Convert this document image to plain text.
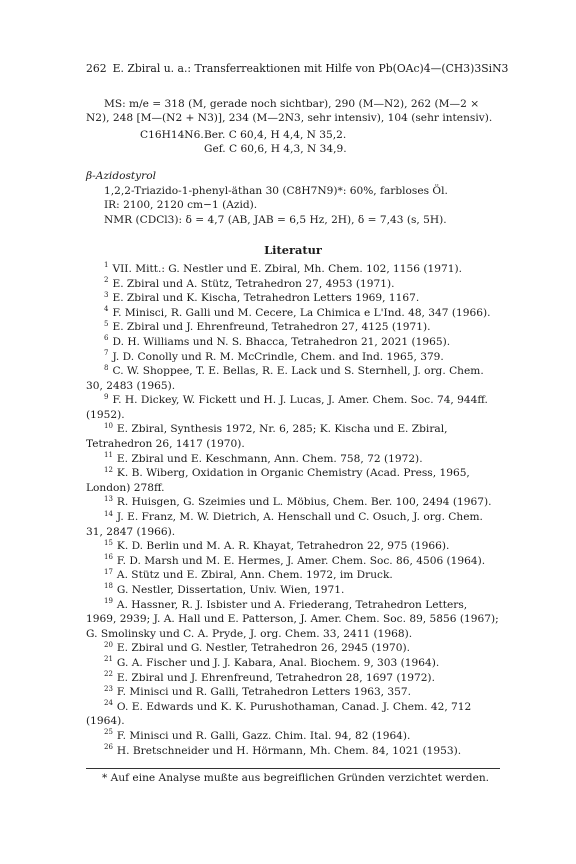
262 E. Zbiral u. a.: Transferreaktionen mit Hilfe von Pb(OAc)4—(CH3)3SiN3

MS: m/e = 318 (M, gerade noch sichtbar), 290 (M—N2), 262 (M—2 × N2), 248 [M—(N2 + N3)], 234 (M—2N3, sehr intensiv), 104 (sehr intensiv).

C16H14N6. Ber. C 60,4, H 4,4, N 35,2.
Gef. C 60,6, H 4,3, N 34,9.

β-Azidostyrol

1,2,2-Triazido-1-phenyl-äthan 30 (C8H7N9)*: 60%, farbloses Öl.

IR: 2100, 2120 cm−1 (Azid).

NMR (CDCl3): δ = 4,7 (AB, JAB = 6,5 Hz, 2H), δ = 7,43 (s, 5H).

Literatur

$^1$ VII. Mitt.: G. Nestler und E. Zbiral, Mh. Chem. 102, 1156 (1971).

$^2$ E. Zbiral und A. Stütz, Tetrahedron 27, 4953 (1971).

$^3$ E. Zbiral und K. Kischa, Tetrahedron Letters 1969, 1167.

$^4$ F. Minisci, R. Galli und M. Cecere, La Chimica e L'Ind. 48, 347 (1966).

$^5$ E. Zbiral und J. Ehrenfreund, Tetrahedron 27, 4125 (1971).

$^6$ D. H. Williams und N. S. Bhacca, Tetrahedron 21, 2021 (1965).

$^7$ J. D. Conolly und R. M. McCrindle, Chem. and Ind. 1965, 379.

$^8$ C. W. Shoppee, T. E. Bellas, R. E. Lack und S. Sternhell, J. org. Chem. 30, 2483 (1965).

$^9$ F. H. Dickey, W. Fickett und H. J. Lucas, J. Amer. Chem. Soc. 74, 944ff. (1952).

$^{10}$ E. Zbiral, Synthesis 1972, Nr. 6, 285; K. Kischa und E. Zbiral, Tetrahedron 26, 1417 (1970).

$^{11}$ E. Zbiral und E. Keschmann, Ann. Chem. 758, 72 (1972).

$^{12}$ K. B. Wiberg, Oxidation in Organic Chemistry (Acad. Press, 1965, London) 278ff.

$^{13}$ R. Huisgen, G. Szeimies und L. Möbius, Chem. Ber. 100, 2494 (1967).

$^{14}$ J. E. Franz, M. W. Dietrich, A. Henschall und C. Osuch, J. org. Chem. 31, 2847 (1966).

$^{15}$ K. D. Berlin und M. A. R. Khayat, Tetrahedron 22, 975 (1966).

$^{16}$ F. D. Marsh und M. E. Hermes, J. Amer. Chem. Soc. 86, 4506 (1964).

$^{17}$ A. Stütz und E. Zbiral, Ann. Chem. 1972, im Druck.

$^{18}$ G. Nestler, Dissertation, Univ. Wien, 1971.

$^{19}$ A. Hassner, R. J. Isbister und A. Friederang, Tetrahedron Letters, 1969, 2939; J. A. Hall und E. Patterson, J. Amer. Chem. Soc. 89, 5856 (1967); G. Smolinsky und C. A. Pryde, J. org. Chem. 33, 2411 (1968).

$^{20}$ E. Zbiral und G. Nestler, Tetrahedron 26, 2945 (1970).

$^{21}$ G. A. Fischer und J. J. Kabara, Anal. Biochem. 9, 303 (1964).

$^{22}$ E. Zbiral und J. Ehrenfreund, Tetrahedron 28, 1697 (1972).

$^{23}$ F. Minisci und R. Galli, Tetrahedron Letters 1963, 357.

$^{24}$ O. E. Edwards und K. K. Purushothaman, Canad. J. Chem. 42, 712 (1964).

$^{25}$ F. Minisci und R. Galli, Gazz. Chim. Ital. 94, 82 (1964).

$^{26}$ H. Bretschneider und H. Hörmann, Mh. Chem. 84, 1021 (1953).

* Auf eine Analyse mußte aus begreiflichen Gründen verzichtet werden.
